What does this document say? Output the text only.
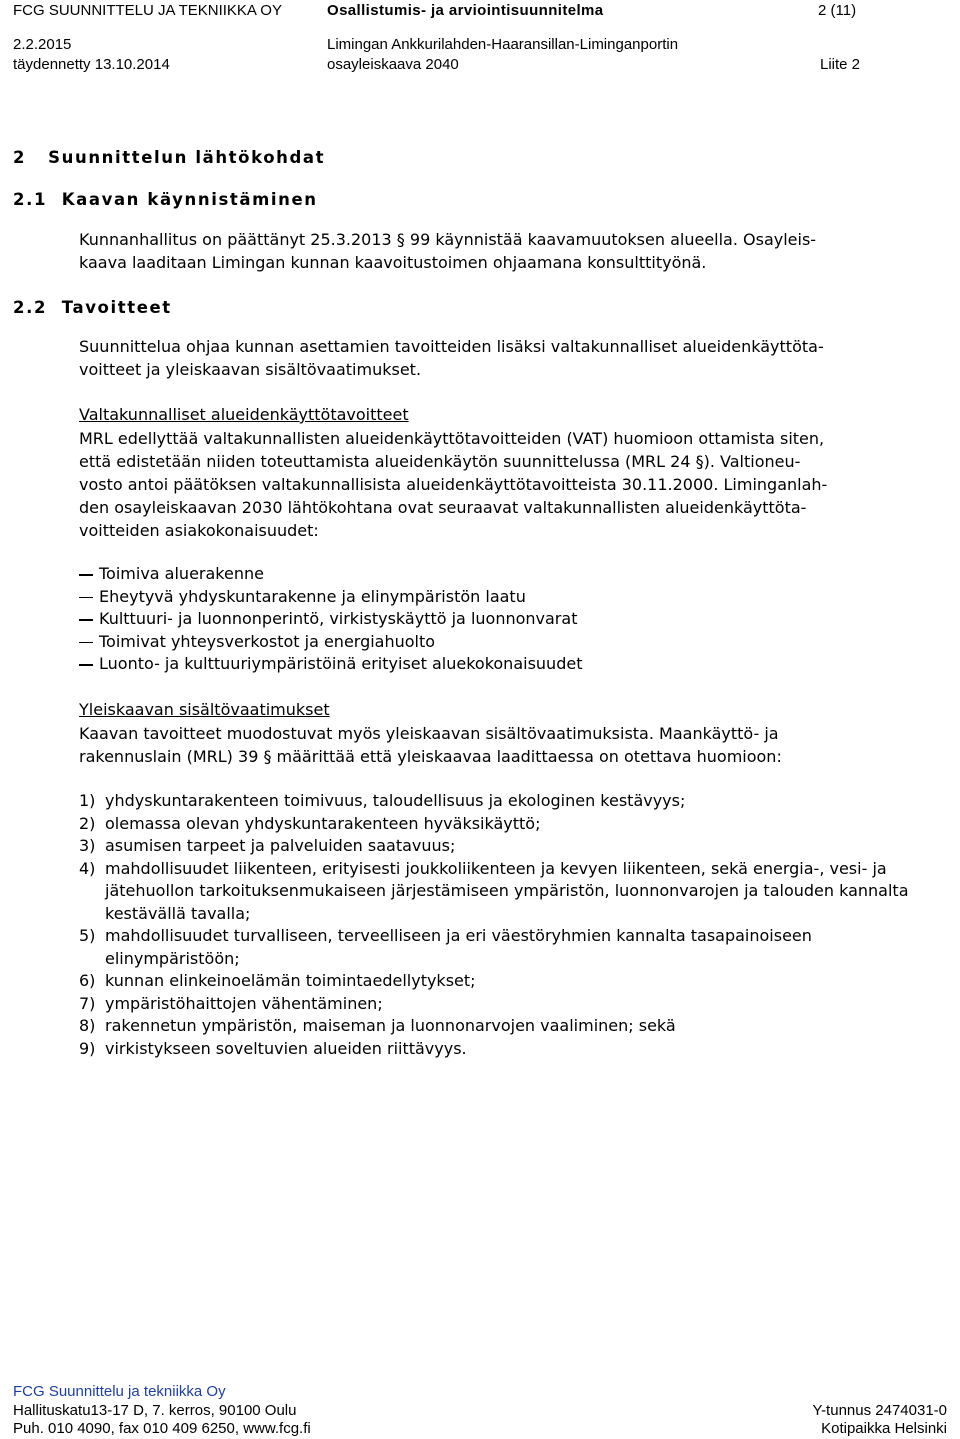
FCG SUUNNITTELU JA TEKNIIKKA OY	Osallistumis- ja arviointisuunnitelma	2 (11)
2.2.2015
täydennetty 13.10.2014
Limingan Ankkurilahden-Haaransillan-Liminganportin
osayleiskaava 2040	Liite 2
2 Suunnittelun lähtökohdat
2.1 Kaavan käynnistäminen
Kunnanhallitus on päättänyt 25.3.2013 § 99 käynnistää kaavamuutoksen alueella. Osayleis-
kaava laaditaan Limingan kunnan kaavoitustoimen ohjaamana konsulttityönä.
2.2 Tavoitteet
Suunnittelua ohjaa kunnan asettamien tavoitteiden lisäksi valtakunnalliset alueidenkäyttöta-
voitteet ja yleiskaavan sisältövaatimukset.
Valtakunnalliset alueidenkäyttötavoitteet
MRL edellyttää valtakunnallisten alueidenkäyttötavoitteiden (VAT) huomioon ottamista siten,
että edistetään niiden toteuttamista alueidenkäytön suunnittelussa (MRL 24 §). Valtioneu-
vosto antoi päätöksen valtakunnallisista alueidenkäyttötavoitteista 30.11.2000. Liminganlah-
den osayleiskaavan 2030 lähtökohtana ovat seuraavat valtakunnallisten alueidenkäyttöta-
voitteiden asiakokonaisuudet:
Toimiva aluerakenne
Eheytyvä yhdyskuntarakenne ja elinympäristön laatu
Kulttuuri- ja luonnonperintö, virkistyskäyttö ja luonnonvarat
Toimivat yhteysverkostot ja energiahuolto
Luonto- ja kulttuuriympäristöinä erityiset aluekokonaisuudet
Yleiskaavan sisältövaatimukset
Kaavan tavoitteet muodostuvat myös yleiskaavan sisältövaatimuksista. Maankäyttö- ja
rakennuslain (MRL) 39 § määrittää että yleiskaavaa laadittaessa on otettava huomioon:
1) yhdyskuntarakenteen toimivuus, taloudellisuus ja ekologinen kestävyys;
2) olemassa olevan yhdyskuntarakenteen hyväksikäyttö;
3) asumisen tarpeet ja palveluiden saatavuus;
4) mahdollisuudet liikenteen, erityisesti joukkoliikenteen ja kevyen liikenteen, sekä energia-, vesi- ja jätehuollon tarkoituksenmukaiseen järjestämiseen ympäristön, luonnonvarojen ja talouden kannalta kestävällä tavalla;
5) mahdollisuudet turvalliseen, terveelliseen ja eri väestöryhmien kannalta tasapainoiseen elinympäristöön;
6) kunnan elinkeinoelämän toimintaedellytykset;
7) ympäristöhaittojen vähentäminen;
8) rakennetun ympäristön, maiseman ja luonnonarvojen vaaliminen; sekä
9) virkistykseen soveltuvien alueiden riittävyys.
FCG Suunnittelu ja tekniikka Oy
Hallituskatu13-17 D, 7. kerros, 90100 Oulu
Puh. 010 4090, fax 010 409 6250, www.fcg.fi
Y-tunnus 2474031-0
Kotipaikka Helsinki
